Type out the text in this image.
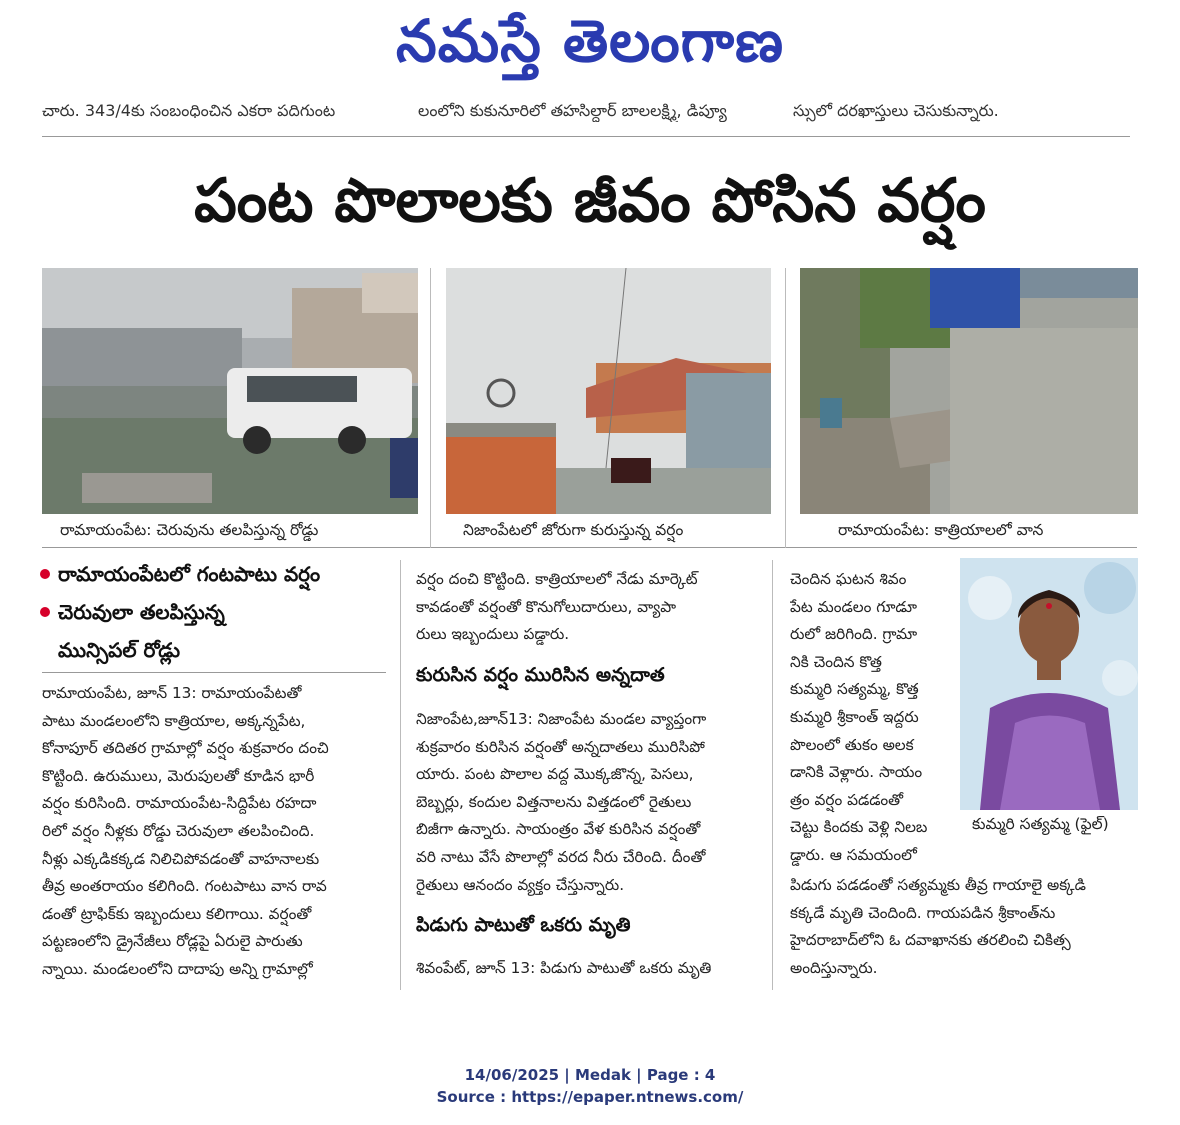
నమస్తే తెలంగాణ
చారు. 343/4కు సంబంధించిన ఎకరా పదిగుంట	లంలోని కుకునూరిలో తహసిల్దార్ బాలలక్ష్మి, డిప్యూ	స్సులో దరఖాస్తులు చెసుకున్నారు.
పంట పొలాలకు జీవం పోసిన వర్షం
రామాయంపేట: చెరువును తలపిస్తున్న రోడ్డు	నిజాంపేటలో జోరుగా కురుస్తున్న వర్షం	రామాయంపేట: కాత్రియాలలో వాన
రామాయంపేటలో గంటపాటు వర్షం
చెరువులా తలపిస్తున్న
మున్సిపల్ రోడ్లు
రామాయంపేట, జూన్ 13: రామాయంపేటతో
పాటు మండలంలోని కాత్రియాల, అక్కన్నపేట,
కోనాపూర్ తదితర గ్రామాల్లో వర్షం శుక్రవారం దంచి
కొట్టింది. ఉరుములు, మెరుపులతో కూడిన భారీ
వర్షం కురిసింది. రామాయంపేట-సిద్దిపేట రహదా
రిలో వర్షం నీళ్లకు రోడ్డు చెరువులా తలపించింది.
నీళ్లు ఎక్కడికక్కడ నిలిచిపోవడంతో వాహనాలకు
తీవ్ర అంతరాయం కలిగింది. గంటపాటు వాన రావ
డంతో ట్రాఫిక్‌కు ఇబ్బందులు కలిగాయి. వర్షంతో
పట్టణంలోని డ్రైనేజీలు రోడ్లపై ఏరులై పారుతు
న్నాయి. మండలంలోని దాదాపు అన్ని గ్రామాల్లో
వర్షం దంచి కొట్టింది. కాత్రియాలలో నేడు మార్కెట్
కావడంతో వర్షంతో కొనుగోలుదారులు, వ్యాపా
రులు ఇబ్బందులు పడ్డారు.
కురుసిన వర్షం మురిసిన అన్నదాత
నిజాంపేట,జూన్13: నిజాంపేట మండల వ్యాప్తంగా
శుక్రవారం కురిసిన వర్షంతో అన్నదాతలు మురిసిపో
యారు. పంట పొలాల వద్ద మొక్కజొన్న, పెసలు,
బెబ్బర్లు, కందుల విత్తనాలను విత్తడంలో రైతులు
బిజీగా ఉన్నారు. సాయంత్రం వేళ కురిసిన వర్షంతో
వరి నాటు వేసే పొలాల్లో వరద నీరు చేరింది. దీంతో
రైతులు ఆనందం వ్యక్తం చేస్తున్నారు.
పిడుగు పాటుతో ఒకరు మృతి
శివంపేట్, జూన్ 13: పిడుగు పాటుతో ఒకరు మృతి
చెందిన ఘటన శివం
పేట మండలం గూడూ
రులో జరిగింది. గ్రామా
నికి చెందిన కొత్త
కుమ్మరి సత్యమ్మ, కొత్త
కుమ్మరి శ్రీకాంత్ ఇద్దరు
పొలంలో తుకం అలక
డానికి వెళ్లారు. సాయం
త్రం వర్షం పడడంతో
చెట్టు కిందకు వెళ్లి నిలబ
డ్డారు. ఆ సమయంలో
కుమ్మరి సత్యమ్మ (ఫైల్)
పిడుగు పడడంతో సత్యమ్మకు తీవ్ర గాయాలై అక్కడి
కక్కడే మృతి చెందింది. గాయపడిన శ్రీకాంత్‌ను
హైదరాబాద్‌లోని ఓ దవాఖానకు తరలించి చికిత్స
అందిస్తున్నారు.
14/06/2025 | Medak | Page : 4
Source : https://epaper.ntnews.com/
